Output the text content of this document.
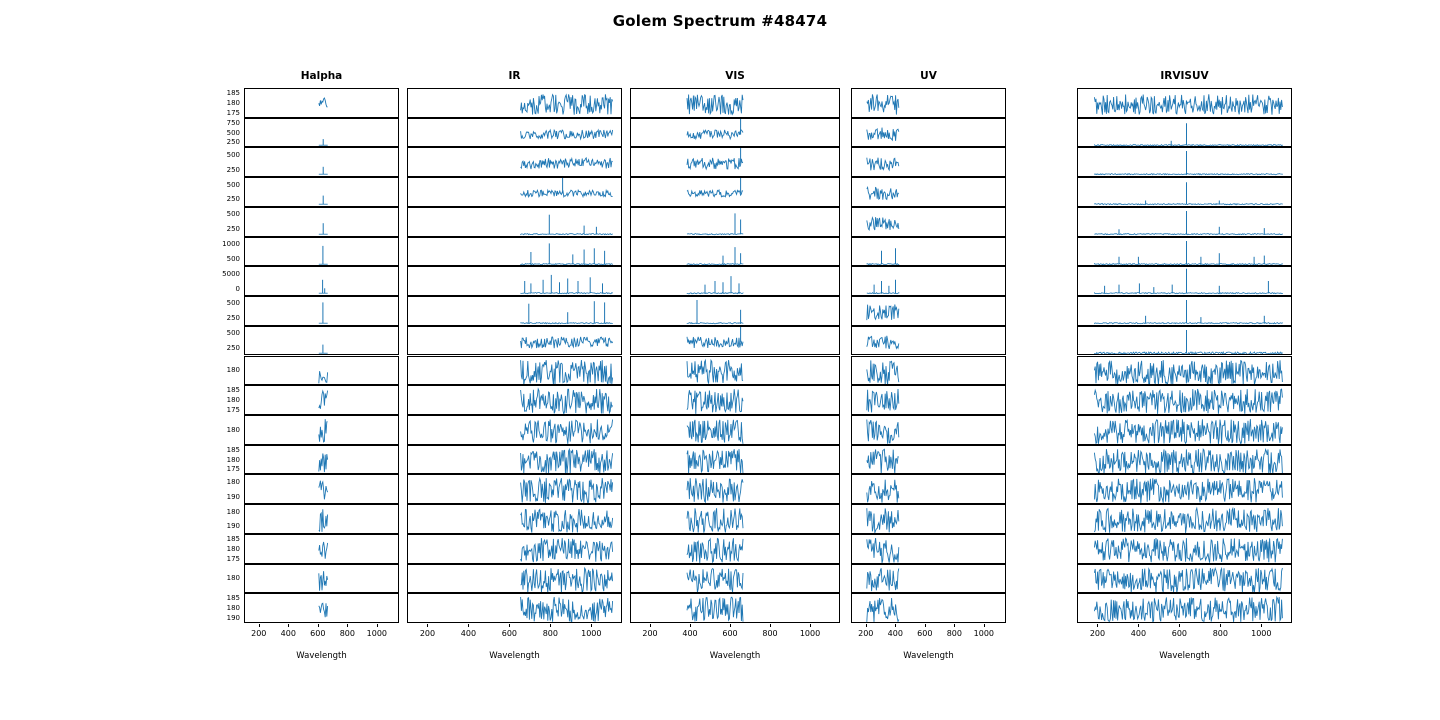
Golem Spectrum #48474
Halpha
Wavelength
200 400 600 800 1000
185
180
175
750
500
250
500
250
500
250
500
250
1000
500
5000
0
500
250
500
250
180
185
180
175
180
185
180
175
180
190
180
190
185
180
175
180
185
180
190
IR
Wavelength
200	400	600	800	1000
VIS
Wavelength
200	400	600	800	1000
UV
Wavelength
200 400 600 800 1000
IRVISUV
Wavelength
200	400	600	800	1000
